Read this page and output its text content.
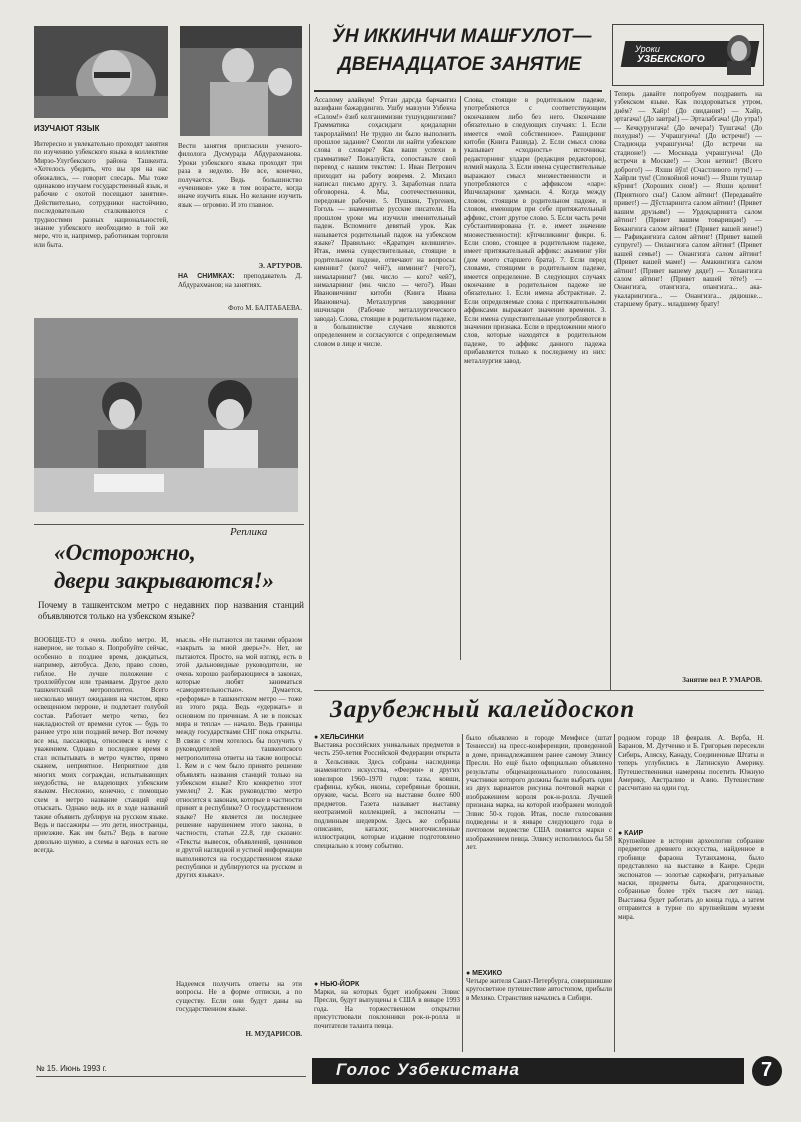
ИЗУЧАЮТ ЯЗЫК
Интересно и увлекательно проходят занятия по изучению узбекского языка в коллективе Мирзо-Улугбекского района Ташкента. «Хотелось убедить, что вы зря на нас обижались, — говорит слесарь. Мы тоже одинаково изучаем государственный язык, и рабочие с охотой посещают занятия». Действительно, сотрудники настойчиво, последовательно сталкиваются с трудностями разных национальностей, знание узбекского необходимо в той же мере, что и, например, работникам торговли или быта.
Вести занятия пригласили ученого-филолога Дусмурада Абдурахманова. Уроки узбекского языка проходят три раза в неделю. Не все, конечно, получается. Ведь большинство «учеников» уже в том возрасте, когда иначе изучить язык. Но желание изучить язык — огромно. И это главное.
Э. АРТУРОВ.
НА СНИМКАХ: преподаватель Д. Абдурахманов; на занятиях.
Фото М. БАЛТАБАЕВА.
Реплика
«Осторожно,
двери закрываются!»
Почему в ташкентском метро с недавних пор названия станций объявляются только на узбекском языке?
ВООБЩЕ-ТО я очень люблю метро. И, наверное, не только я. Попробуйте сейчас, особенно в позднее время, дождаться, например, автобуса. Дело, право слово, гиблое. Не лучше положение с троллейбусом или трамваем. Другое дело ташкентский метрополитен. Всего несколько минут ожидания на чистом, ярко освещенном перроне, и подлетает голубой состав. Работает метро четко, без накладностей от времени суток — будь то раннее утро или поздний вечер. Вот почему все мы, пассажиры, относимся к нему с уважением. Однако в последнее время я стал испытывать в метро чувство, прямо скажем, неприятное. Неприятное для многих моих сограждан, испытывающих неудобства, не владеющих узбекским языком. Несложно, конечно, с помощью схем в метро название станций ещё отыскать. Однако ведь их в ходе названий также объявить дублируя на русском языке. Ведь и пассажиры — это дети, иностранцы, приезжие. Как им быть? Ведь в вагоне довольно шумно, а схемы в вагонах есть не всегда.
мысль. «Не пытаются ли такими образом «закрыть за мной дверь»?». Нет, не пытаются. Просто, на мой взгляд, есть в этой дальновидные руководители, не очень хорошо разбирающиеся в законах, которые любят заниматься «самодеятельностью». Думается, «реформы» в ташкентском метро — тоже из этого ряда. Ведь «удержать» и основном по причинам. А не в поисках мира и тепла» — начало. Ведь границы между государствами СНГ пока открыты. В связи с этим хотелось бы получить у руководителей ташкентского метрополитена ответы на такие вопросы: 1. Кем и с чем было принято решение объявлять названия станций только на узбекском языке? Кто конкретно этот умелец? 2. Как руководство метро относится к законам, которые в частности принят в республике? О государственном языке? Не является ли последнее решение нарушением этого закона, в частности, статьи 22.8, где сказано: «Тексты вывесок, объявлений, ценников и другой наглядной и устной информации выполняются на государственном языке республики и дублируются на русском и других языках».
Надеемся получить ответы на эти вопросы. Не в форме отписки, а по существу. Если они будут даны на государственном языке.
Н. МУДАРИСОВ.
ЎН ИККИНЧИ МАШҒУЛОТ—
ДВЕНАДЦАТОЕ ЗАНЯТИЕ
Уроки
УЗБЕКСКОГО
Ассалому алайкум! Ўтган дарсда барчангиз вазифани бажардингиз. Ушбу мавзуни Узбекча «Салом!» ёзиб келганимизни тушундингизми? Грамматика соҳасидаги қоидаларни такрорлаймиз! Не трудно ли было выполнить прошлое задание? Смогли ли найти узбекские слова в словаре? Как ваши успехи в грамматике? Пожалуйста, сопоставьте свой перевод с нашим текстом: 1. Иван Петрович приходит на работу вовремя. 2. Михаил написал письмо другу. 3. Заработная плата обговорена. 4. Мы, соотечественники, передовые рабочие. 5. Пушкин, Тургенев, Гоголь — знаменитые русские писатели. На прошлом уроке мы изучили именительный падеж. Вспомните девятый урок. Как называется родительный падеж на узбекском языке? Правильно: «Қаратқич келишиги». Итак, имена существительные, стоящие в родительном падеже, отвечают на вопросы: кимнинг? (кого? чей?), нимнинг? (чего?), нималарнинг? (мн. число — кого? чей?), нималарнинг (мн. число — чего?). Иван Ивановичнинг китоби (Книга Ивана Ивановича). Металлургия заводининг ишчилари (Рабочие металлургического завода). Слова, стоящие в родительном падеже, в большинстве случаев являются определением и согласуются с определяемым словом в лице и числе.
Слова, стоящие в родительном падеже, употребляются с соответствующим окончанием либо без него. Окончание обязательно в следующих случаях: 1. Если имеется «мой собственное». Рашиднинг китоби (Книга Рашида). 2. Если смысл слова указывает «сходность» источника: редакторнинг улдари (редакция редакторов), илмий мақола. 3. Если имена существительные выражают смысл множественности и употребляются с аффиксом «лар»: Ишчиларнинг ҳаммаси. 4. Когда между словом, стоящим в родительном падеже, и словом, имеющим при себе притяжательный аффикс, стоит другое слово. 5. Если часть речи субстантивирована (т. е. имеет значение множественности): кўпчиликнинг фикри. 6. Если слово, стоящее в родительном падеже, имеет притяжательный аффикс: акамнинг уйи (дом моего старшего брата). 7. Если перед словами, стоящими в родительном падеже, имеется определение. В следующих случаях окончание в родительном падеже не обязательно: 1. Если имена абстрактные. 2. Если определяемые слова с притяжательными аффиксами выражают значение времени. 3. Если имена существительные употребляются в значении признака. Если в предложении много слов, которые находятся в родительном падеже, то аффикс данного падежа прибавляется только к последнему из них: металлургия завод.
Теперь давайте попробуем поздравить на узбекском языке. Как поздороваться утром, днём? — Хайр! (До свидания!) — Хайр, эртагача! (До завтра!) — Эрталабгача! (До утра!) — Кечқурунгача! (До вечера!) Тушгача! (До полудня!) — Учрашгунча! (До встречи!) — Стадионда учрашгунча! (До встречи на стадионе!) — Москвада учрашгунча! (До встречи в Москве!) — Эсон кетинг! (Всего доброго!) — Яхши йўл! (Счастливого пути!) — Хайрли тун! (Спокойной ночи!) — Яхши тушлар кўринг! (Хороших снов!) — Яхши қолинг! (Приятного сна!) Салом айтинг! (Передавайте привет!) — Дўстларингга салом айтинг! (Привет вашим друзьям!) — Урдоқларингга салом айтинг! (Привет вашим товарищам!) — Бекангизга салом айтинг! (Привет вашей жене!) — Рафиқангизга салом айтинг! (Привет вашей супруге!) — Оилангизга салом айтинг! (Привет вашей семье!) — Онангизга салом айтинг! (Привет вашей маме!) — Амакингизга салом айтинг! (Привет вашему дяде!) — Холангизга салом айтинг! (Привет вашей тёте!) — Онангизга, отангизга, опангизга... ака-укаларингизга... — Онангизга... дядюшке... старшему брату... младшему брату!
Занятие вел Р. УМАРОВ.
Зарубежный калейдоскоп
● ХЕЛЬСИНКИ
Выставка российских уникальных предметов в честь 250-летия Российской Федерации открыта в Хельсинки. Здесь собраны наследница знаменитого искусства, «Феерии» и других ювелиров 1960–1970 годов: тазы, ковши, графины, кубки, иконы, серебряные брошки, оружие, часы. Всего на выставке более 600 предметов. Газета называет выставку неотразимой коллекцией, а экспонаты — подлинным шедевром. Здесь же собраны описание, каталог, многочисленные иллюстрации, которые издание подготовлено специально к этому событию.
● НЬЮ-ЙОРК
Марки, на которых будет изображен Элвис Пресли, будут выпущены в США в январе 1993 года. На торжественном открытии присутствовали поклонники рок-н-ролла и почитатели таланта певца.
было объявлено в городе Мемфисе (штат Теннесси) на пресс-конференции, проведенной в доме, принадлежавшем ранее самому Элвису Пресли. Но ещё было официально объявлено результаты общенационального голосования, участники которого должны были выбрать один из двух вариантов рисунка почтовой марки с изображением короля рок-н-ролла. Лучшей признана марка, на которой изображен молодой Элвис 50-х годов. Итак, после голосования подведены и в январе следующего года в почтовом ведомстве США появятся марки с изображением певца. Элвису исполнилось бы 58 лет.
● МЕХИКО
Четыре жителя Санкт-Петербурга, совершившие кругосветное путешествие автостопом, прибыли в Мехико. Странствия начались в Сибири.
родном городе 18 февраля. А. Верба, Н. Баранов, М. Дутченко и Б. Григорьев пересекли Сибирь, Аляску, Канаду, Соединенные Штаты и теперь углубились в Латинскую Америку. Путешественники намерены посетить Южную Америку, Австралию и Азию. Путешествие рассчитано на один год.
● КАИР
Крупнейшее в истории археологии собрание предметов древнего искусства, найденное в гробнице фараона Тутанхамона, было представлено на выставке в Каире. Среди экспонатов — золотые саркофаги, ритуальные маски, предметы быта, драгоценности, собранные более трёх тысяч лет назад. Выставка будет работать до конца года, а затем отправится в турне по крупнейшим музеям мира.
№ 15. Июнь 1993 г.	Голос Узбекистана	7
